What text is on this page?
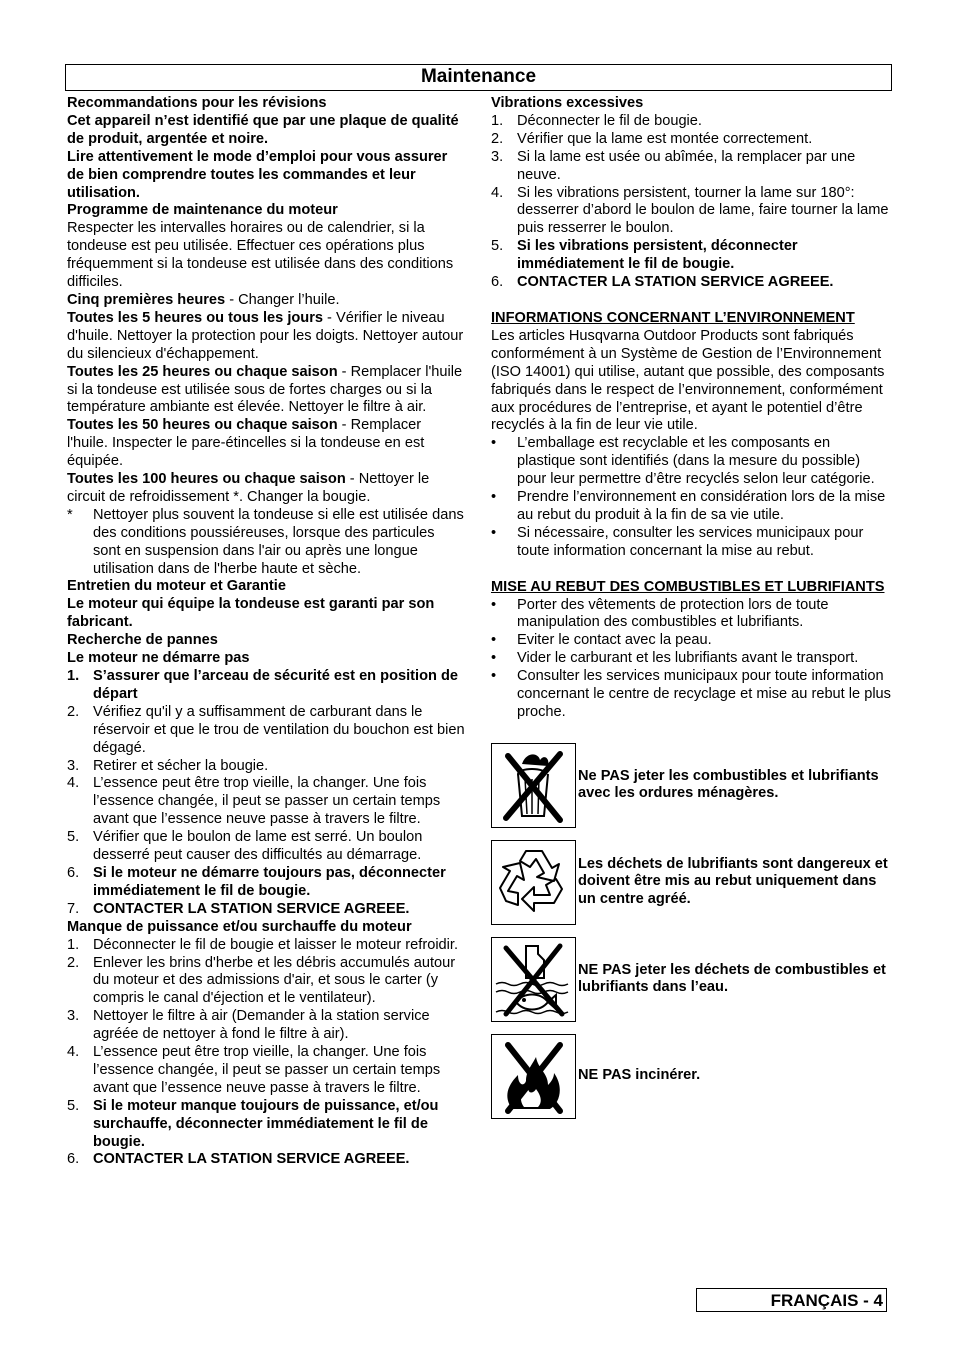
Maintenance

Recommandations pour les révisions

Cet appareil n’est identifié que par une plaque de qualité de produit, argentée et noire.

Lire attentivement le mode d’emploi pour vous assurer de bien comprendre toutes les commandes et leur utilisation.

Programme de maintenance du moteur

Respecter les intervalles horaires ou de calendrier, si la tondeuse est peu utilisée. Effectuer ces opérations plus fréquemment si la tondeuse est utilisée dans des conditions difficiles.

Cinq premières heures - Changer l’huile.

Toutes les 5 heures ou tous les jours - Vérifier le niveau d'huile. Nettoyer la protection pour les doigts. Nettoyer autour du silencieux d'échappement.

Toutes les 25 heures ou chaque saison - Remplacer l'huile si la tondeuse est utilisée sous de fortes charges ou si la température ambiante est élevée. Nettoyer le filtre à air.

Toutes les 50 heures ou chaque saison - Remplacer l'huile. Inspecter le pare-étincelles si la tondeuse en est équipée.

Toutes les 100 heures ou chaque saison - Nettoyer le circuit de refroidissement *. Changer la bougie.

* Nettoyer plus souvent la tondeuse si elle est utilisée dans des conditions poussiéreuses, lorsque des particules sont en suspension dans l'air ou après une longue utilisation dans de l'herbe haute et sèche.

Entretien du moteur et Garantie

Le moteur qui équipe la tondeuse est garanti par son fabricant.

Recherche de pannes

Le moteur ne démarre pas

1. S’assurer que l’arceau de sécurité est en position de départ
2. Vérifiez qu'il y a suffisamment de carburant dans le réservoir et que le trou de ventilation du bouchon est bien dégagé.
3. Retirer et sécher la bougie.
4. L’essence peut être trop vieille, la changer. Une fois l’essence changée, il peut se passer un certain temps avant que l’essence neuve passe à travers le filtre.
5. Vérifier que le boulon de lame est serré. Un boulon desserré peut causer des difficultés au démarrage.
6. Si le moteur ne démarre toujours pas, déconnecter immédiatement le fil de bougie.
7. CONTACTER LA STATION SERVICE AGREEE.

Manque de puissance et/ou surchauffe du moteur

1. Déconnecter le fil de bougie et laisser le moteur refroidir.
2. Enlever les brins d'herbe et les débris accumulés autour du moteur et des admissions d'air, et sous le carter (y compris le canal d'éjection et le ventilateur).
3. Nettoyer le filtre à air (Demander à la station service agréée de nettoyer à fond le filtre à air).
4. L’essence peut être trop vieille, la changer. Une fois l’essence changée, il peut se passer un certain temps avant que l’essence neuve passe à travers le filtre.
5. Si le moteur manque toujours de puissance, et/ou surchauffe, déconnecter immédiatement le fil de bougie.
6. CONTACTER LA STATION SERVICE AGREEE.

Vibrations excessives

1. Déconnecter le fil de bougie.
2. Vérifier que la lame est montée correctement.
3. Si la lame est usée ou abîmée, la remplacer par une neuve.
4. Si les vibrations persistent, tourner la lame sur 180°: desserrer d’abord le boulon de lame, faire tourner la lame puis resserrer le boulon.
5. Si les vibrations persistent, déconnecter immédiatement le fil de bougie.
6. CONTACTER LA STATION SERVICE AGREEE.

INFORMATIONS CONCERNANT L’ENVIRONNEMENT

Les articles Husqvarna Outdoor Products sont fabriqués conformément à un Système de Gestion de l’Environnement (ISO 14001) qui utilise, autant que possible, des composants fabriqués dans le respect de l’environnement, conformément aux procédures de l’entreprise, et ayant le potentiel d’être recyclés à la fin de leur vie utile.

• L’emballage est recyclable et les composants en plastique sont identifiés (dans la mesure du possible) pour leur permettre d’être recyclés selon leur catégorie.
• Prendre l’environnement en considération lors de la mise au rebut du produit à la fin de sa vie utile.
• Si nécessaire, consulter les services municipaux pour toute information concernant la mise au rebut.

MISE AU REBUT DES COMBUSTIBLES ET LUBRIFIANTS

• Porter des vêtements de protection lors de toute manipulation des combustibles et lubrifiants.
• Eviter le contact avec la peau.
• Vider le carburant et les lubrifiants avant le transport.
• Consulter les services municipaux pour toute information concernant le centre de recyclage et mise au rebut le plus proche.
Ne PAS jeter les combustibles et lubrifiants avec les ordures ménagères.
Les déchets de lubrifiants sont dangereux et doivent être mis au rebut uniquement dans un centre agréé.
NE PAS jeter les déchets de combustibles et lubrifiants dans l’eau.
NE PAS incinérer.
FRANÇAIS - 4
